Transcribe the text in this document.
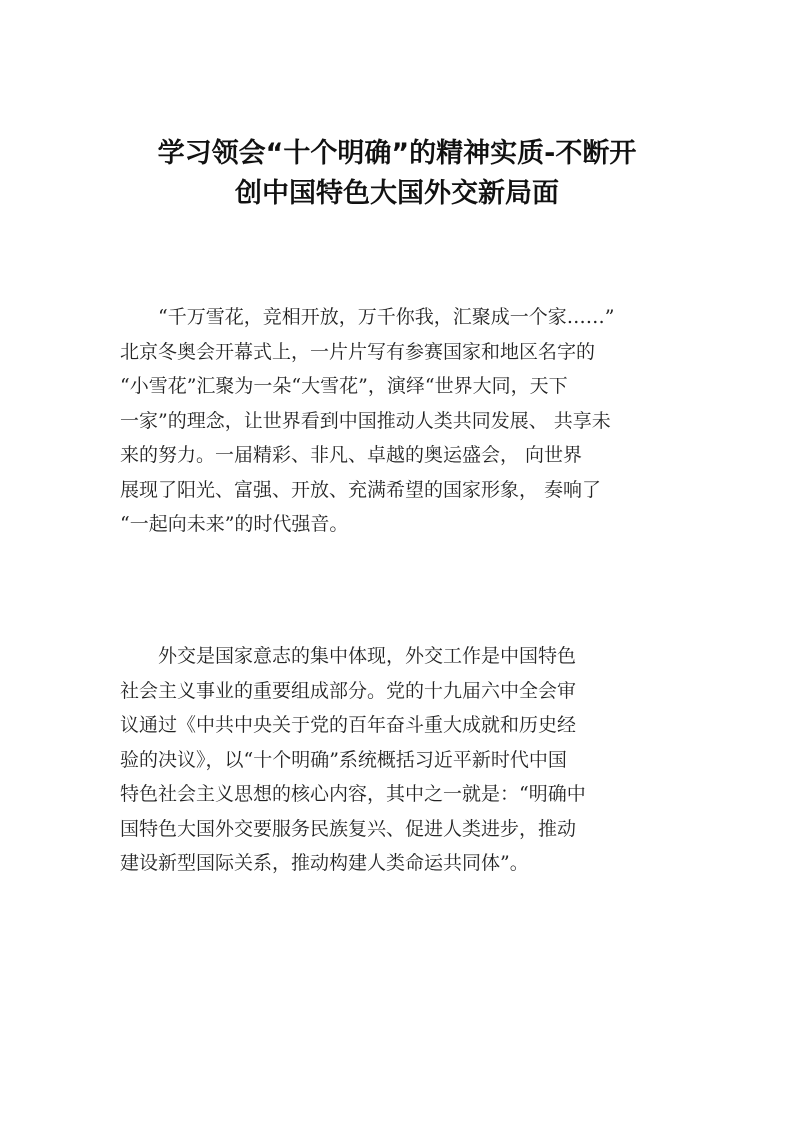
学习领会“十个明确”的精神实质-不断开
创中国特色大国外交新局面
“千万雪花，竞相开放，万千你我，汇聚成一个家……”
北京冬奥会开幕式上，一片片写有参赛国家和地区名字的
“小雪花”汇聚为一朵“大雪花”，演绎“世界大同，天下
一家”的理念，让世界看到中国推动人类共同发展、 共享未
来的努力。一届精彩、非凡、卓越的奥运盛会， 向世界
展现了阳光、富强、开放、充满希望的国家形象， 奏响了
“一起向未来”的时代强音。
外交是国家意志的集中体现，外交工作是中国特色
社会主义事业的重要组成部分。党的十九届六中全会审
议通过《中共中央关于党的百年奋斗重大成就和历史经
验的决议》，以“十个明确”系统概括习近平新时代中国
特色社会主义思想的核心内容，其中之一就是：“明确中
国特色大国外交要服务民族复兴、促进人类进步，推动
建设新型国际关系，推动构建人类命运共同体”。
